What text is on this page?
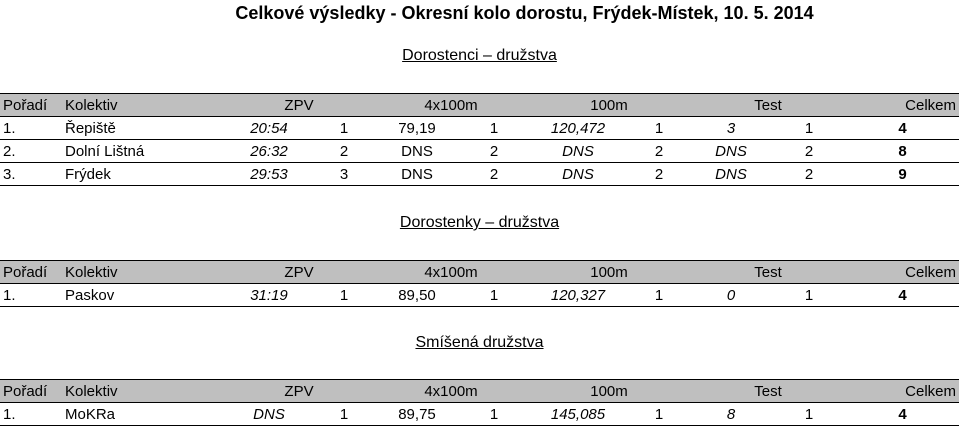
Celkové výsledky - Okresní kolo dorostu, Frýdek-Místek, 10. 5. 2014
Dorostenci – družstva
Pořadí	Kolektiv	ZPV		4x100m		100m		Test		Celkem
1.	Řepiště	20:54	1	79,19	1	120,472	1	3	1	4
2.	Dolní Lištná	26:32	2	DNS	2	DNS	2	DNS	2	8
3.	Frýdek	29:53	3	DNS	2	DNS	2	DNS	2	9
Dorostenky – družstva
Pořadí	Kolektiv	ZPV		4x100m		100m		Test		Celkem
1.	Paskov	31:19	1	89,50	1	120,327	1	0	1	4
Smíšená družstva
Pořadí	Kolektiv	ZPV		4x100m		100m		Test		Celkem
1.	MoKRa	DNS	1	89,75	1	145,085	1	8	1	4
